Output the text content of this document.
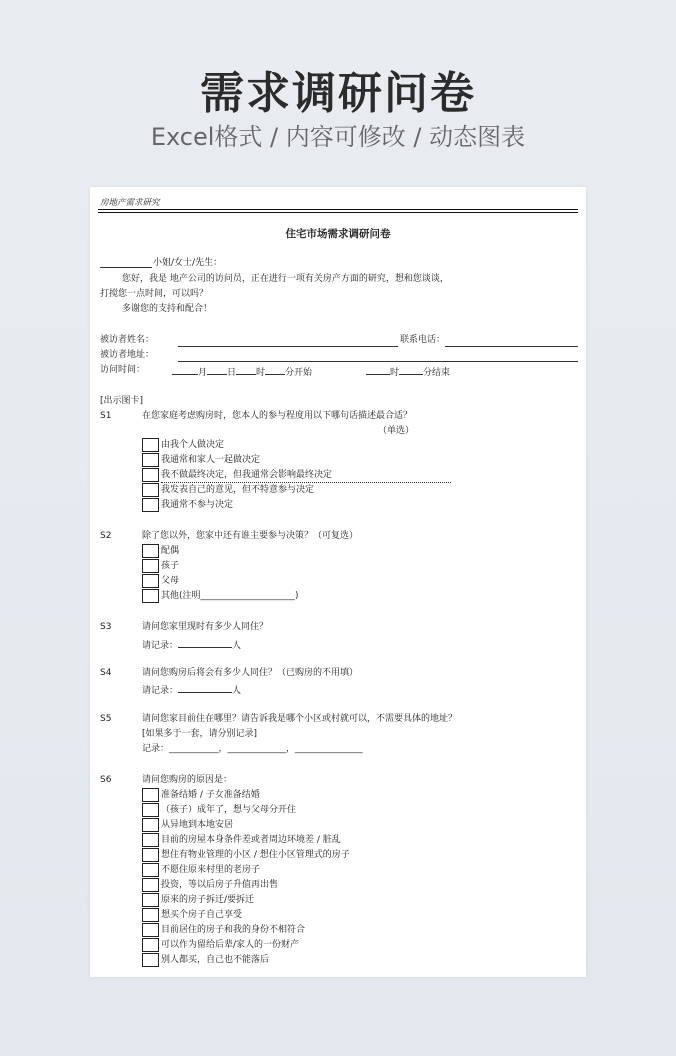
需求调研问卷
Excel格式 / 内容可修改 / 动态图表
房地产需求研究
住宅市场需求调研问卷
小姐/女士/先生：
您好，我是 地产公司的访问员，正在进行一项有关房产方面的研究，想和您谈谈，
打搅您一点时间，可以吗？
多谢您的支持和配合！
被访者姓名：	联系电话：
被访者地址：
访问时间：	月 日 时 分开始	时	分结束
[出示图卡]
S1	在您家庭考虑购房时，您本人的参与程度用以下哪句话描述最合适？
（单选）
由我个人做决定
我通常和家人一起做决定
我不做最终决定，但我通常会影响最终决定
我发表自己的意见，但不特意参与决定
我通常不参与决定
S2	除了您以外，您家中还有谁主要参与决策？（可复选）
配偶
孩子
父母
其他(注明_____________________)
S3	请问您家里现时有多少人同住？
请记录：	人
S4	请问您购房后将会有多少人同住？（已购房的不用填）
请记录：	人
S5	请问您家目前住在哪里？请告诉我是哪个小区或村就可以，不需要具体的地址？
[如果多于一套，请分别记录]
记录：___________，_____________，_______________
S6	请问您购房的原因是：
准备结婚 / 子女准备结婚
（孩子）成年了，想与父母分开住
从异地到本地安居
目前的房屋本身条件差或者周边环境差 / 脏乱
想住有物业管理的小区 / 想住小区管理式的房子
不愿住原来村里的老房子
投资，等以后房子升值再出售
原来的房子拆迁/要拆迁
想买个房子自己享受
目前居住的房子和我的身份不相符合
可以作为留给后辈/家人的一份财产
别人都买，自己也不能落后
